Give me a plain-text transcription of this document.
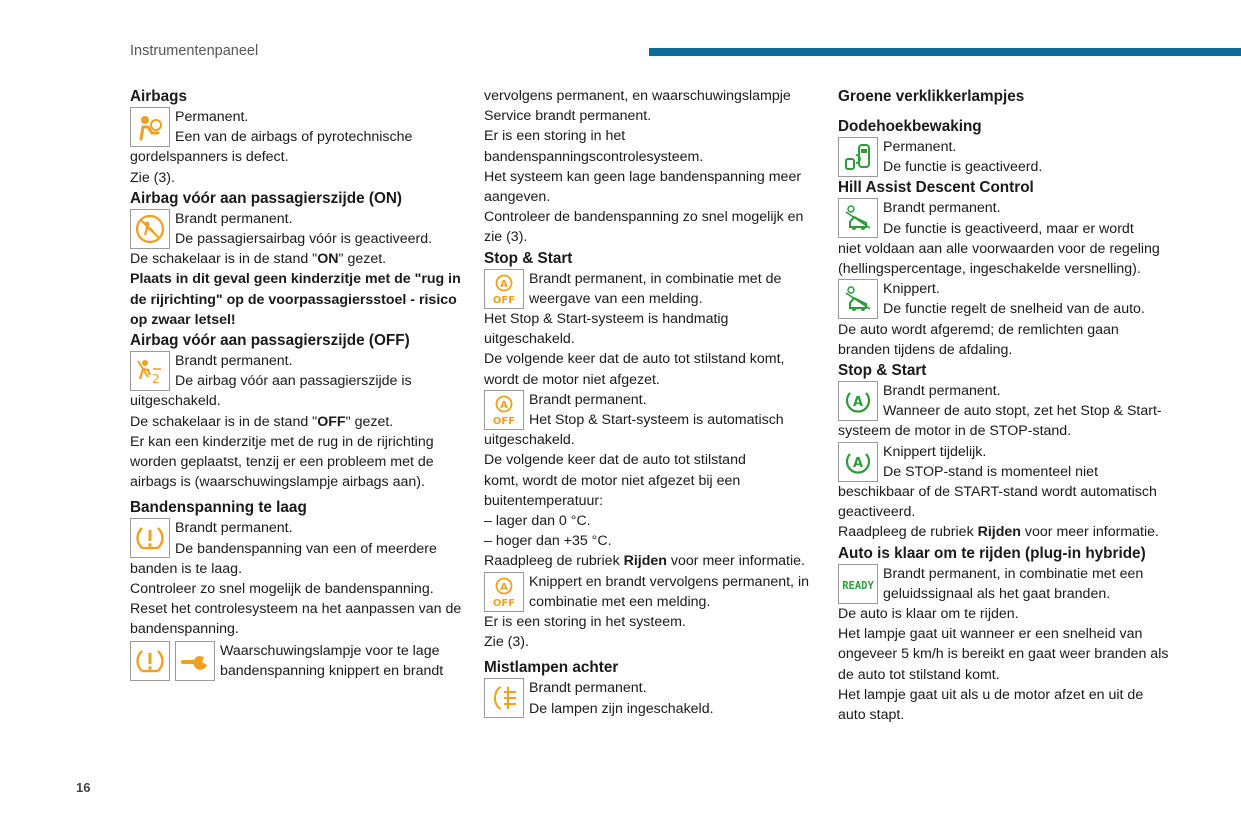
Instrumentenpaneel
16

Airbags

Permanent.

Een van de airbags of pyrotechnische

gordelspanners is defect.

Zie (3).

Airbag vóór aan passagierszijde (ON)

Brandt permanent.

De passagiersairbag vóór is geactiveerd.

De schakelaar is in de stand "ON" gezet.

Plaats in dit geval geen kinderzitje met de "rug in

de rijrichting" op de voorpassagiersstoel - risico

op zwaar letsel!

Airbag vóór aan passagierszijde (OFF)

2

Brandt permanent.

De airbag vóór aan passagierszijde is

uitgeschakeld.

De schakelaar is in de stand "OFF" gezet.

Er kan een kinderzitje met de rug in de rijrichting

worden geplaatst, tenzij er een probleem met de

airbags is (waarschuwingslampje airbags aan).

Bandenspanning te laag

Brandt permanent.

De bandenspanning van een of meerdere

banden is te laag.

Controleer zo snel mogelijk de bandenspanning.

Reset het controlesysteem na het aanpassen van de

bandenspanning.

Waarschuwingslampje voor te lage

bandenspanning knippert en brandt

vervolgens permanent, en waarschuwingslampje

Service brandt permanent.

Er is een storing in het

bandenspanningscontrolesysteem.

Het systeem kan geen lage bandenspanning meer

aangeven.

Controleer de bandenspanning zo snel mogelijk en

zie (3).

Stop & Start

A
OFF

Brandt permanent, in combinatie met de

weergave van een melding.

Het Stop & Start-systeem is handmatig

uitgeschakeld.

De volgende keer dat de auto tot stilstand komt,

wordt de motor niet afgezet.

A
OFF

Brandt permanent.

Het Stop & Start-systeem is automatisch

uitgeschakeld.

De volgende keer dat de auto tot stilstand

komt, wordt de motor niet afgezet bij een

buitentemperatuur:

– lager dan 0 °C.

– hoger dan +35 °C.

Raadpleeg de rubriek Rijden voor meer informatie.

A
OFF

Knippert en brandt vervolgens permanent, in

combinatie met een melding.

Er is een storing in het systeem.

Zie (3).

Mistlampen achter

Brandt permanent.

De lampen zijn ingeschakeld.

Groene verklikkerlampjes

Dodehoekbewaking

Permanent.

De functie is geactiveerd.

Hill Assist Descent Control

Brandt permanent.

De functie is geactiveerd, maar er wordt

niet voldaan aan alle voorwaarden voor de regeling

(hellingspercentage, ingeschakelde versnelling).

Knippert.

De functie regelt de snelheid van de auto.

De auto wordt afgeremd; de remlichten gaan

branden tijdens de afdaling.

Stop & Start

A

Brandt permanent.

Wanneer de auto stopt, zet het Stop & Start-

systeem de motor in de STOP-stand.

A

Knippert tijdelijk.

De STOP-stand is momenteel niet

beschikbaar of de START-stand wordt automatisch

geactiveerd.

Raadpleeg de rubriek Rijden voor meer informatie.

Auto is klaar om te rijden (plug-in hybride)

READY

Brandt permanent, in combinatie met een

geluidssignaal als het gaat branden.

De auto is klaar om te rijden.

Het lampje gaat uit wanneer er een snelheid van

ongeveer 5 km/h is bereikt en gaat weer branden als

de auto tot stilstand komt.

Het lampje gaat uit als u de motor afzet en uit de

auto stapt.
